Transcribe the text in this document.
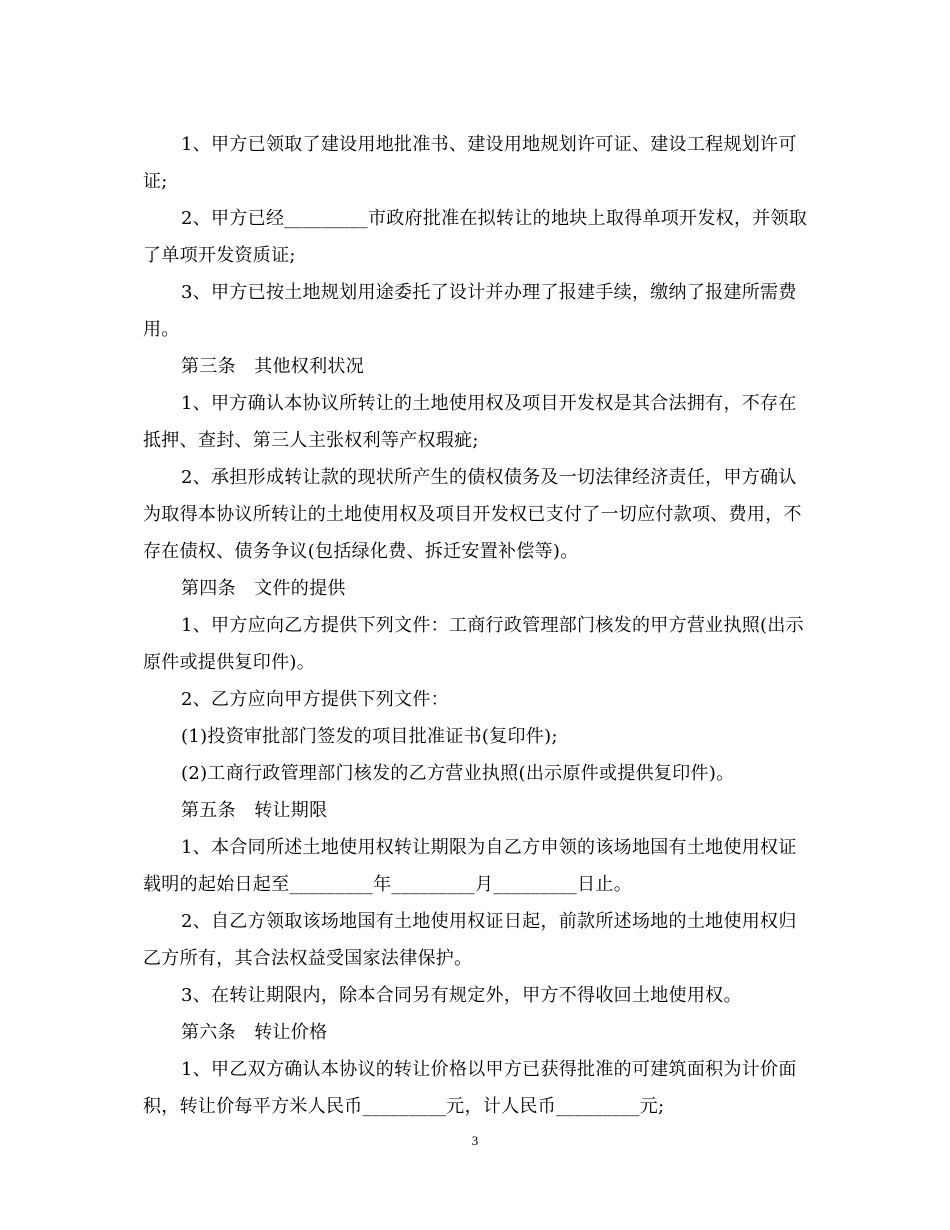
1、甲方已领取了建设用地批准书、建设用地规划许可证、建设工程规划许可证;

2、甲方已经_________市政府批准在拟转让的地块上取得单项开发权，并领取了单项开发资质证;

3、甲方已按土地规划用途委托了设计并办理了报建手续，缴纳了报建所需费用。

第三条　其他权利状况

1、甲方确认本协议所转让的土地使用权及项目开发权是其合法拥有，不存在抵押、查封、第三人主张权利等产权瑕疵;

2、承担形成转让款的现状所产生的债权债务及一切法律经济责任，甲方确认为取得本协议所转让的土地使用权及项目开发权已支付了一切应付款项、费用，不存在债权、债务争议(包括绿化费、拆迁安置补偿等)。

第四条　文件的提供

1、甲方应向乙方提供下列文件：工商行政管理部门核发的甲方营业执照(出示原件或提供复印件)。

2、乙方应向甲方提供下列文件：

(1)投资审批部门签发的项目批准证书(复印件);

(2)工商行政管理部门核发的乙方营业执照(出示原件或提供复印件)。

第五条　转让期限

1、本合同所述土地使用权转让期限为自乙方申领的该场地国有土地使用权证载明的起始日起至_________年_________月_________日止。

2、自乙方领取该场地国有土地使用权证日起，前款所述场地的土地使用权归乙方所有，其合法权益受国家法律保护。

3、在转让期限内，除本合同另有规定外，甲方不得收回土地使用权。

第六条　转让价格

1、甲乙双方确认本协议的转让价格以甲方已获得批准的可建筑面积为计价面积，转让价每平方米人民币_________元，计人民币_________元;

3
